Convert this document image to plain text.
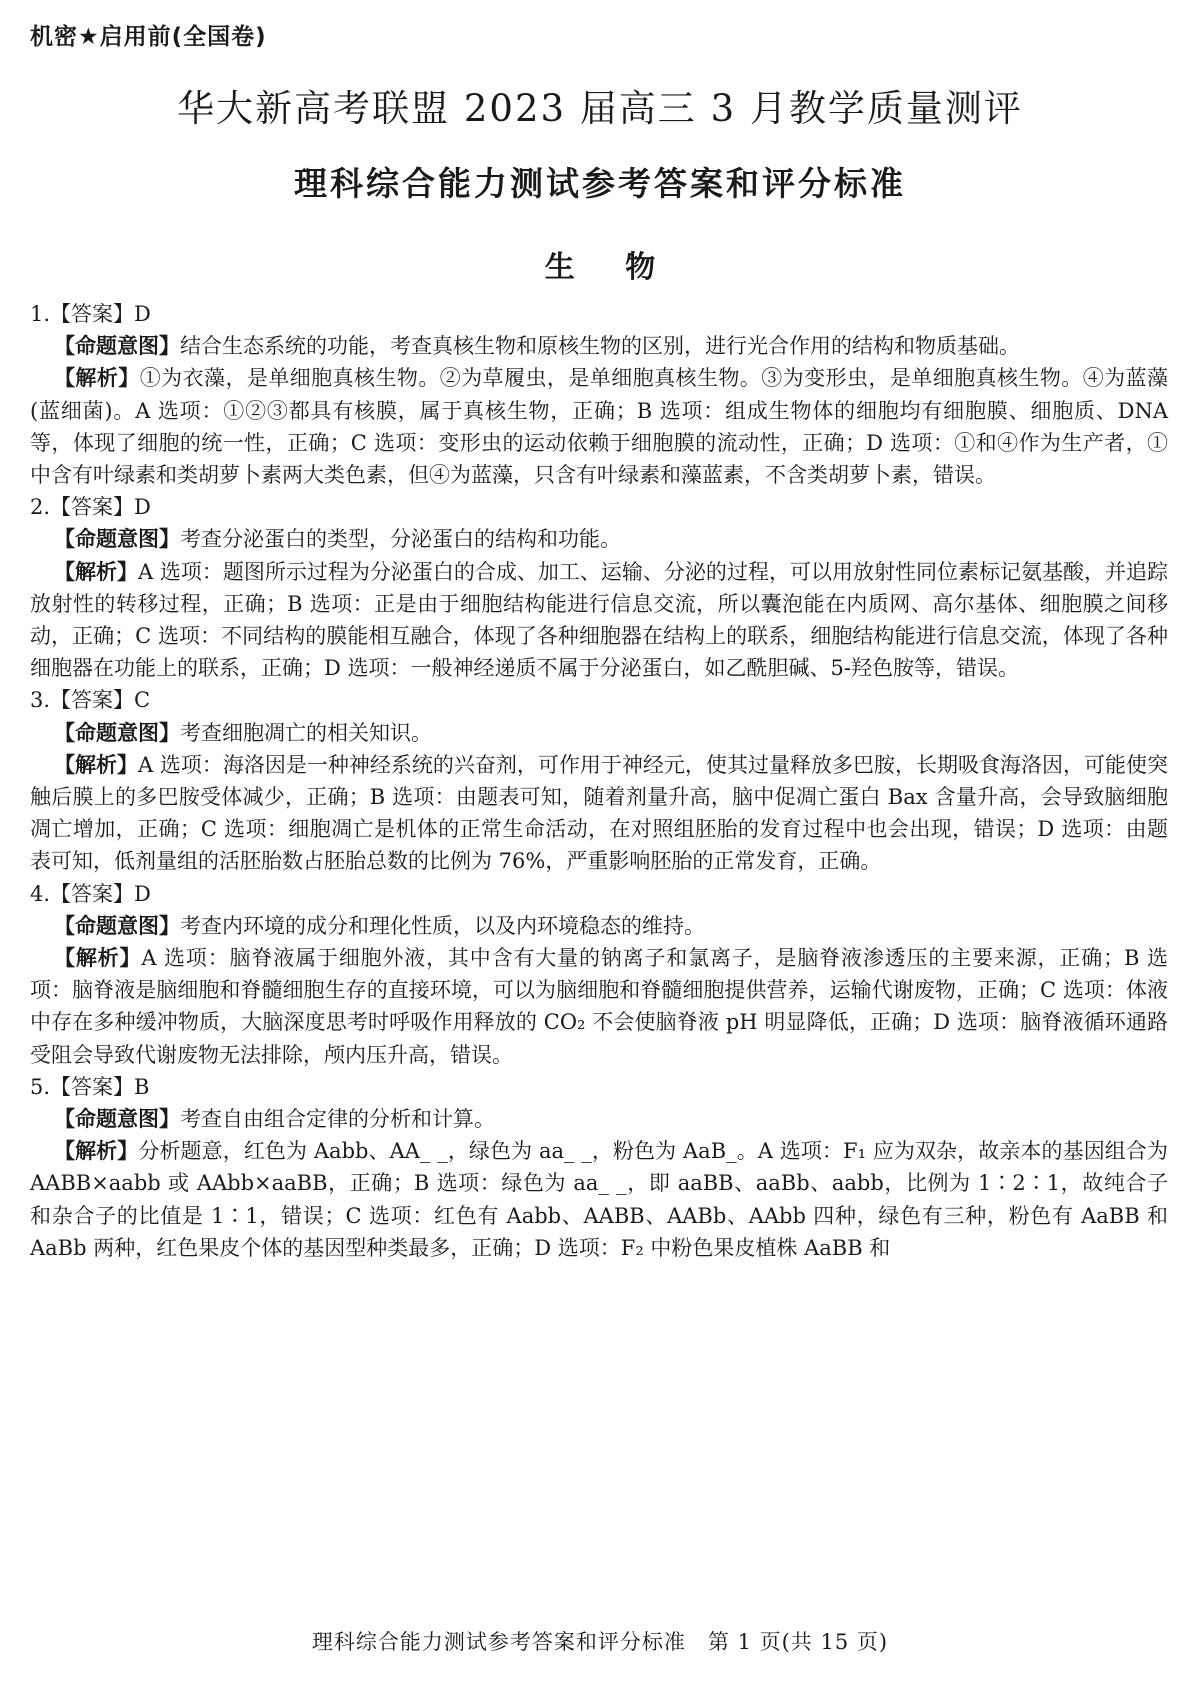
机密★启用前(全国卷)
华大新高考联盟 2023 届高三 3 月教学质量测评
理科综合能力测试参考答案和评分标准
生 物

1.【答案】D

【命题意图】结合生态系统的功能，考查真核生物和原核生物的区别，进行光合作用的结构和物质基础。

【解析】①为衣藻，是单细胞真核生物。②为草履虫，是单细胞真核生物。③为变形虫，是单细胞真核生物。④为蓝藻(蓝细菌)。A 选项：①②③都具有核膜，属于真核生物，正确；B 选项：组成生物体的细胞均有细胞膜、细胞质、DNA 等，体现了细胞的统一性，正确；C 选项：变形虫的运动依赖于细胞膜的流动性，正确；D 选项：①和④作为生产者，①中含有叶绿素和类胡萝卜素两大类色素，但④为蓝藻，只含有叶绿素和藻蓝素，不含类胡萝卜素，错误。

2.【答案】D

【命题意图】考查分泌蛋白的类型，分泌蛋白的结构和功能。

【解析】A 选项：题图所示过程为分泌蛋白的合成、加工、运输、分泌的过程，可以用放射性同位素标记氨基酸，并追踪放射性的转移过程，正确；B 选项：正是由于细胞结构能进行信息交流，所以囊泡能在内质网、高尔基体、细胞膜之间移动，正确；C 选项：不同结构的膜能相互融合，体现了各种细胞器在结构上的联系，细胞结构能进行信息交流，体现了各种细胞器在功能上的联系，正确；D 选项：一般神经递质不属于分泌蛋白，如乙酰胆碱、5-羟色胺等，错误。

3.【答案】C

【命题意图】考查细胞凋亡的相关知识。

【解析】A 选项：海洛因是一种神经系统的兴奋剂，可作用于神经元，使其过量释放多巴胺，长期吸食海洛因，可能使突触后膜上的多巴胺受体减少，正确；B 选项：由题表可知，随着剂量升高，脑中促凋亡蛋白 Bax 含量升高，会导致脑细胞凋亡增加，正确；C 选项：细胞凋亡是机体的正常生命活动，在对照组胚胎的发育过程中也会出现，错误；D 选项：由题表可知，低剂量组的活胚胎数占胚胎总数的比例为 76%，严重影响胚胎的正常发育，正确。

4.【答案】D

【命题意图】考查内环境的成分和理化性质，以及内环境稳态的维持。

【解析】A 选项：脑脊液属于细胞外液，其中含有大量的钠离子和氯离子，是脑脊液渗透压的主要来源，正确；B 选项：脑脊液是脑细胞和脊髓细胞生存的直接环境，可以为脑细胞和脊髓细胞提供营养，运输代谢废物，正确；C 选项：体液中存在多种缓冲物质，大脑深度思考时呼吸作用释放的 CO₂ 不会使脑脊液 pH 明显降低，正确；D 选项：脑脊液循环通路受阻会导致代谢废物无法排除，颅内压升高，错误。

5.【答案】B

【命题意图】考查自由组合定律的分析和计算。

【解析】分析题意，红色为 Aabb、AA_ _，绿色为 aa_ _，粉色为 AaB_。A 选项：F₁ 应为双杂，故亲本的基因组合为 AABB×aabb 或 AAbb×aaBB，正确；B 选项：绿色为 aa_ _，即 aaBB、aaBb、aabb，比例为 1∶2∶1，故纯合子和杂合子的比值是 1∶1，错误；C 选项：红色有 Aabb、AABB、AABb、AAbb 四种，绿色有三种，粉色有 AaBB 和 AaBb 两种，红色果皮个体的基因型种类最多，正确；D 选项：F₂ 中粉色果皮植株 AaBB 和

理科综合能力测试参考答案和评分标准　第 1 页(共 15 页)
